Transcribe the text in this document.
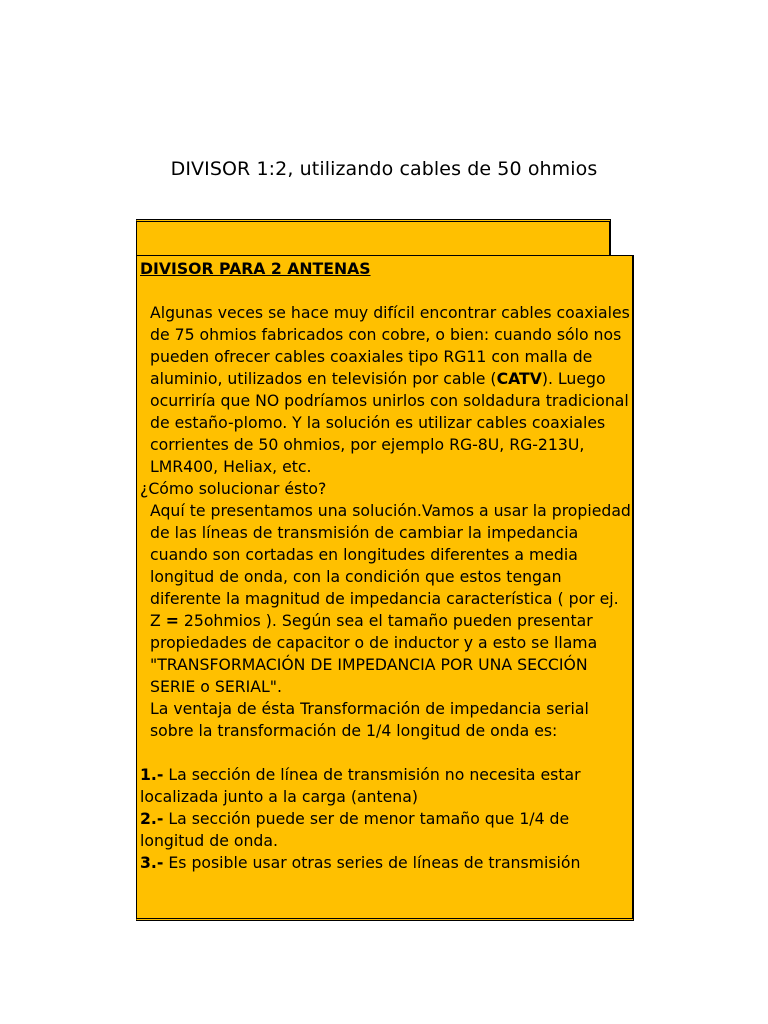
DIVISOR 1:2, utilizando cables de 50 ohmios
DIVISOR PARA 2 ANTENAS
Algunas veces se hace muy difícil encontrar cables coaxiales de 75 ohmios fabricados con cobre, o bien: cuando sólo nos pueden ofrecer cables coaxiales tipo RG11 con malla de aluminio, utilizados en televisión por cable (CATV). Luego ocurriría que NO podríamos unirlos con soldadura tradicional de estaño-plomo. Y la solución es utilizar cables coaxiales corrientes de 50 ohmios, por ejemplo RG-8U, RG-213U, LMR400, Heliax, etc.
¿Cómo solucionar ésto?
Aquí te presentamos una solución.Vamos a usar la propiedad de las líneas de transmisión de cambiar la impedancia cuando son cortadas en longitudes diferentes a media longitud de onda, con la condición que estos tengan diferente la magnitud de impedancia característica ( por ej. Z = 25ohmios ). Según sea el tamaño pueden presentar propiedades de capacitor o de inductor y a esto se llama "TRANSFORMACIÓN DE IMPEDANCIA POR UNA SECCIÓN SERIE o SERIAL".
La ventaja de ésta Transformación de impedancia serial sobre la transformación de 1/4 longitud de onda es:
1.- La sección de línea de transmisión no necesita estar localizada junto a la carga (antena)
2.- La sección puede ser de menor tamaño que 1/4 de longitud de onda.
3.- Es posible usar otras series de líneas de transmisión
